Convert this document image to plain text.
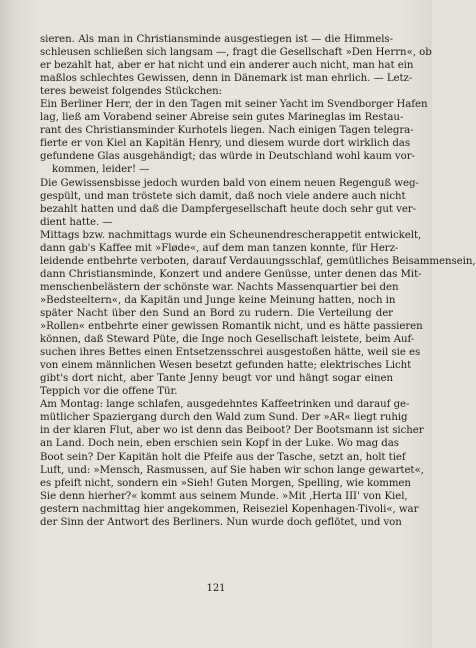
sieren. Als man in Christiansminde ausgestiegen ist — die Himmels-
schleusen schließen sich langsam —, fragt die Gesellschaft »Den Herrn«, ob
er bezahlt hat, aber er hat nicht und ein anderer auch nicht, man hat ein
maßlos schlechtes Gewissen, denn in Dänemark ist man ehrlich. — Letz-
teres beweist folgendes Stückchen:
Ein Berliner Herr, der in den Tagen mit seiner Yacht im Svendborger Hafen
lag, ließ am Vorabend seiner Abreise sein gutes Marineglas im Restau-
rant des Christiansminder Kurhotels liegen. Nach einigen Tagen telegra-
fierte er von Kiel an Kapitän Henry, und diesem wurde dort wirklich das
gefundene Glas ausgehändigt; das würde in Deutschland wohl kaum vor-
kommen, leider! —
Die Gewissensbisse jedoch wurden bald von einem neuen Regenguß weg-
gespült, und man tröstete sich damit, daß noch viele andere auch nicht
bezahlt hatten und daß die Dampfergesellschaft heute doch sehr gut ver-
dient hatte. —
Mittags bzw. nachmittags wurde ein Scheunendrescherappetit entwickelt,
dann gab's Kaffee mit »Fløde«, auf dem man tanzen konnte, für Herz-
leidende entbehrte verboten, darauf Verdauungsschlaf, gemütliches Beisammensein,
dann Christiansminde, Konzert und andere Genüsse, unter denen das Mit-
menschenbelästern der schönste war. Nachts Massenquartier bei den
»Bedsteeltern«, da Kapitän und Junge keine Meinung hatten, noch in
später Nacht über den Sund an Bord zu rudern. Die Verteilung der
»Rollen« entbehrte einer gewissen Romantik nicht, und es hätte passieren
können, daß Steward Püte, die Inge noch Gesellschaft leistete, beim Auf-
suchen ihres Bettes einen Entsetzensschrei ausgestoßen hätte, weil sie es
von einem männlichen Wesen besetzt gefunden hatte; elektrisches Licht
gibt's dort nicht, aber Tante Jenny beugt vor und hängt sogar einen
Teppich vor die offene Tür.
Am Montag: lange schlafen, ausgedehntes Kaffeetrinken und darauf ge-
mütlicher Spaziergang durch den Wald zum Sund. Der »AR« liegt ruhig
in der klaren Flut, aber wo ist denn das Beiboot? Der Bootsmann ist sicher
an Land. Doch nein, eben erschien sein Kopf in der Luke. Wo mag das
Boot sein? Der Kapitän holt die Pfeife aus der Tasche, setzt an, holt tief
Luft, und: »Mensch, Rasmussen, auf Sie haben wir schon lange gewartet«,
es pfeift nicht, sondern ein »Sieh! Guten Morgen, Spelling, wie kommen
Sie denn hierher?« kommt aus seinem Munde. »Mit ‚Herta III' von Kiel,
gestern nachmittag hier angekommen, Reiseziel Kopenhagen-Tivoli«, war
der Sinn der Antwort des Berliners. Nun wurde doch geflötet, und von
121
